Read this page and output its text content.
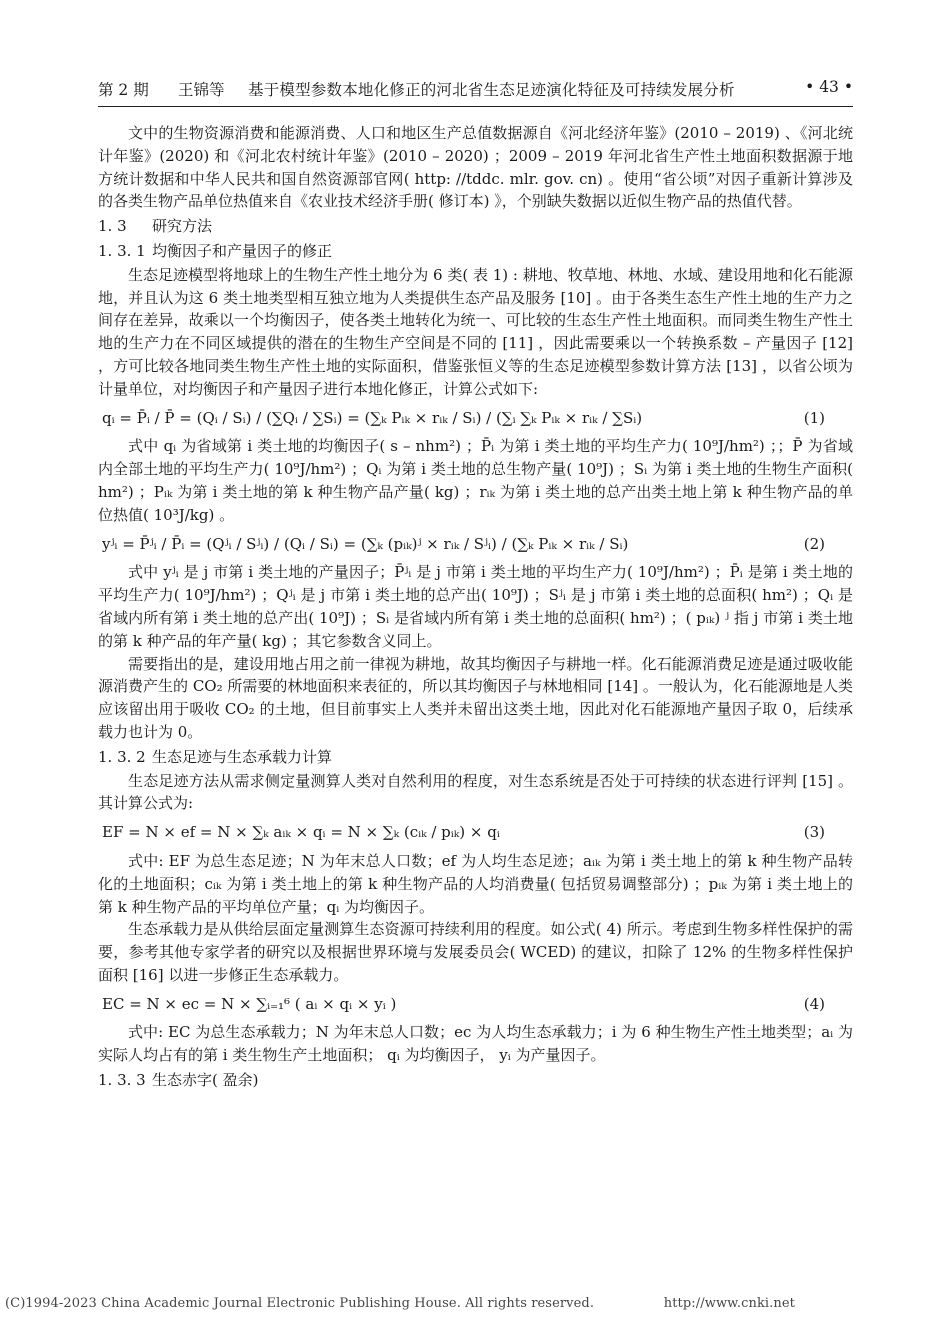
第 2 期 王锦等 基于模型参数本地化修正的河北省生态足迹演化特征及可持续发展分析	• 43 •

文中的生物资源消费和能源消费、人口和地区生产总值数据源自《河北经济年鉴》(2010 – 2019) 、《河北统计年鉴》(2020) 和《河北农村统计年鉴》(2010 – 2020) ；2009 – 2019 年河北省生产性土地面积数据源于地方统计数据和中华人民共和国自然资源部官网( http: //tddc. mlr. gov. cn) 。使用“省公顷”对因子重新计算涉及的各类生物产品单位热值来自《农业技术经济手册( 修订本) 》，个别缺失数据以近似生物产品的热值代替。

1. 3 研究方法

1. 3. 1 均衡因子和产量因子的修正

生态足迹模型将地球上的生物生产性土地分为 6 类( 表 1) : 耕地、牧草地、林地、水域、建设用地和化石能源地，并且认为这 6 类土地类型相互独立地为人类提供生态产品及服务 [10] 。由于各类生态生产性土地的生产力之间存在差异，故乘以一个均衡因子，使各类土地转化为统一、可比较的生态生产性土地面积。而同类生物生产性土地的生产力在不同区域提供的潜在的生物生产空间是不同的 [11] ，因此需要乘以一个转换系数 – 产量因子 [12] ，方可比较各地同类生物生产性土地的实际面积，借鉴张恒义等的生态足迹模型参数计算方法 [13] ，以省公顷为计量单位，对均衡因子和产量因子进行本地化修正，计算公式如下:

qᵢ = P̄ᵢ / P̄ = (Qᵢ / Sᵢ) / (∑Qᵢ / ∑Sᵢ) = (∑ₖ Pᵢₖ × rᵢₖ / Sᵢ) / (∑ᵢ ∑ₖ Pᵢₖ × rᵢₖ / ∑Sᵢ)	(1)

式中 qᵢ 为省域第 i 类土地的均衡因子( s – nhm²) ；P̄ᵢ 为第 i 类土地的平均生产力( 10⁹J/hm²) ；；P̄ 为省域内全部土地的平均生产力( 10⁹J/hm²) ；Qᵢ 为第 i 类土地的总生物产量( 10⁹J) ；Sᵢ 为第 i 类土地的生物生产面积( hm²) ；Pᵢₖ 为第 i 类土地的第 k 种生物产品产量( kg) ；rᵢₖ 为第 i 类土地的总产出类土地上第 k 种生物产品的单位热值( 10³J/kg) 。

yʲᵢ = P̄ʲᵢ / P̄ᵢ = (Qʲᵢ / Sʲᵢ) / (Qᵢ / Sᵢ) = (∑ₖ (pᵢₖ)ʲ × rᵢₖ / Sʲᵢ) / (∑ₖ Pᵢₖ × rᵢₖ / Sᵢ)	(2)

式中 yʲᵢ 是 j 市第 i 类土地的产量因子；P̄ʲᵢ 是 j 市第 i 类土地的平均生产力( 10⁹J/hm²) ；P̄ᵢ 是第 i 类土地的平均生产力( 10⁹J/hm²) ；Qʲᵢ 是 j 市第 i 类土地的总产出( 10⁹J) ；Sʲᵢ 是 j 市第 i 类土地的总面积( hm²) ；Qᵢ 是省域内所有第 i 类土地的总产出( 10⁹J) ；Sᵢ 是省域内所有第 i 类土地的总面积( hm²) ；( pᵢₖ) ʲ 指 j 市第 i 类土地的第 k 种产品的年产量( kg) ；其它参数含义同上。

需要指出的是，建设用地占用之前一律视为耕地，故其均衡因子与耕地一样。化石能源消费足迹是通过吸收能源消费产生的 CO₂ 所需要的林地面积来表征的，所以其均衡因子与林地相同 [14] 。一般认为，化石能源地是人类应该留出用于吸收 CO₂ 的土地，但目前事实上人类并未留出这类土地，因此对化石能源地产量因子取 0，后续承载力也计为 0。

1. 3. 2 生态足迹与生态承载力计算

生态足迹方法从需求侧定量测算人类对自然利用的程度，对生态系统是否处于可持续的状态进行评判 [15] 。其计算公式为:

EF = N × ef = N × ∑ₖ aᵢₖ × qᵢ = N × ∑ₖ (cᵢₖ / pᵢₖ) × qᵢ	(3)

式中: EF 为总生态足迹；N 为年末总人口数；ef 为人均生态足迹；aᵢₖ 为第 i 类土地上的第 k 种生物产品转化的土地面积；cᵢₖ 为第 i 类土地上的第 k 种生物产品的人均消费量( 包括贸易调整部分) ；pᵢₖ 为第 i 类土地上的第 k 种生物产品的平均单位产量；qᵢ 为均衡因子。

生态承载力是从供给层面定量测算生态资源可持续利用的程度。如公式( 4) 所示。考虑到生物多样性保护的需要，参考其他专家学者的研究以及根据世界环境与发展委员会( WCED) 的建议，扣除了 12% 的生物多样性保护面积 [16] 以进一步修正生态承载力。

EC = N × ec = N × ∑ᵢ₌₁⁶ ( aᵢ × qᵢ × yᵢ )	(4)

式中: EC 为总生态承载力；N 为年末总人口数；ec 为人均生态承载力；i 为 6 种生物生产性土地类型；aᵢ 为实际人均占有的第 i 类生物生产土地面积； qᵢ 为均衡因子， yᵢ 为产量因子。

1. 3. 3 生态赤字( 盈余)

(C)1994-2023 China Academic Journal Electronic Publishing House. All rights reserved.	http://www.cnki.net
